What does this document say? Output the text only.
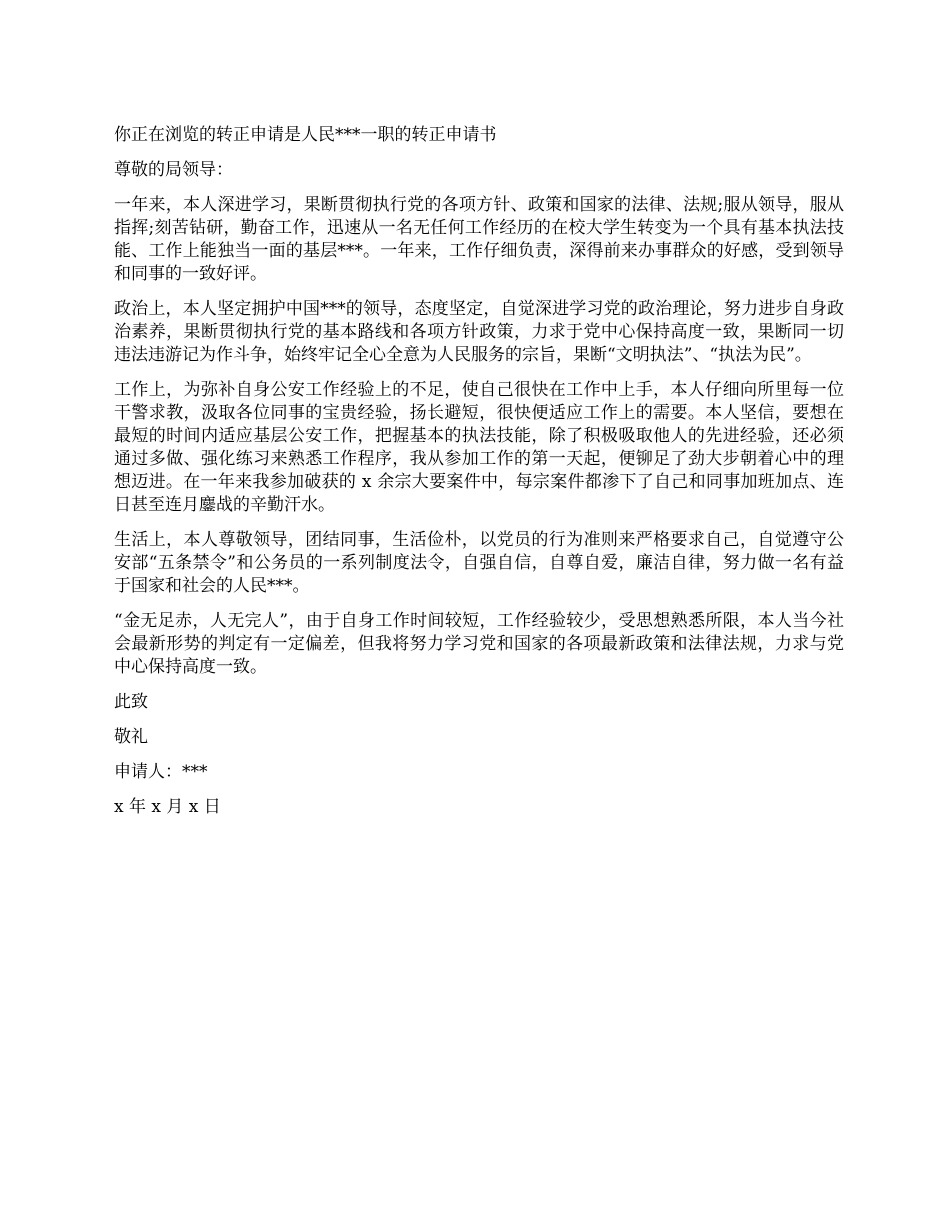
你正在浏览的转正申请是人民***一职的转正申请书

尊敬的局领导：

一年来，本人深进学习，果断贯彻执行党的各项方针、政策和国家的法律、法规;服从领导，服从指挥;刻苦钻研，勤奋工作，迅速从一名无任何工作经历的在校大学生转变为一个具有基本执法技能、工作上能独当一面的基层***。一年来，工作仔细负责，深得前来办事群众的好感，受到领导和同事的一致好评。

政治上，本人坚定拥护中国***的领导，态度坚定，自觉深进学习党的政治理论，努力进步自身政治素养，果断贯彻执行党的基本路线和各项方针政策，力求于党中心保持高度一致，果断同一切违法违游记为作斗争，始终牢记全心全意为人民服务的宗旨，果断“文明执法”、“执法为民”。

工作上，为弥补自身公安工作经验上的不足，使自己很快在工作中上手，本人仔细向所里每一位干警求教，汲取各位同事的宝贵经验，扬长避短，很快便适应工作上的需要。本人坚信，要想在最短的时间内适应基层公安工作，把握基本的执法技能，除了积极吸取他人的先进经验，还必须通过多做、强化练习来熟悉工作程序，我从参加工作的第一天起，便铆足了劲大步朝着心中的理想迈进。在一年来我参加破获的 x 余宗大要案件中，每宗案件都渗下了自己和同事加班加点、连日甚至连月鏖战的辛勤汗水。

生活上，本人尊敬领导，团结同事，生活俭朴，以党员的行为准则来严格要求自己，自觉遵守公安部“五条禁令”和公务员的一系列制度法令，自强自信，自尊自爱，廉洁自律，努力做一名有益于国家和社会的人民***。

“金无足赤，人无完人”，由于自身工作时间较短，工作经验较少，受思想熟悉所限，本人当今社会最新形势的判定有一定偏差，但我将努力学习党和国家的各项最新政策和法律法规，力求与党中心保持高度一致。

此致

敬礼

申请人：***

x 年 x 月 x 日
